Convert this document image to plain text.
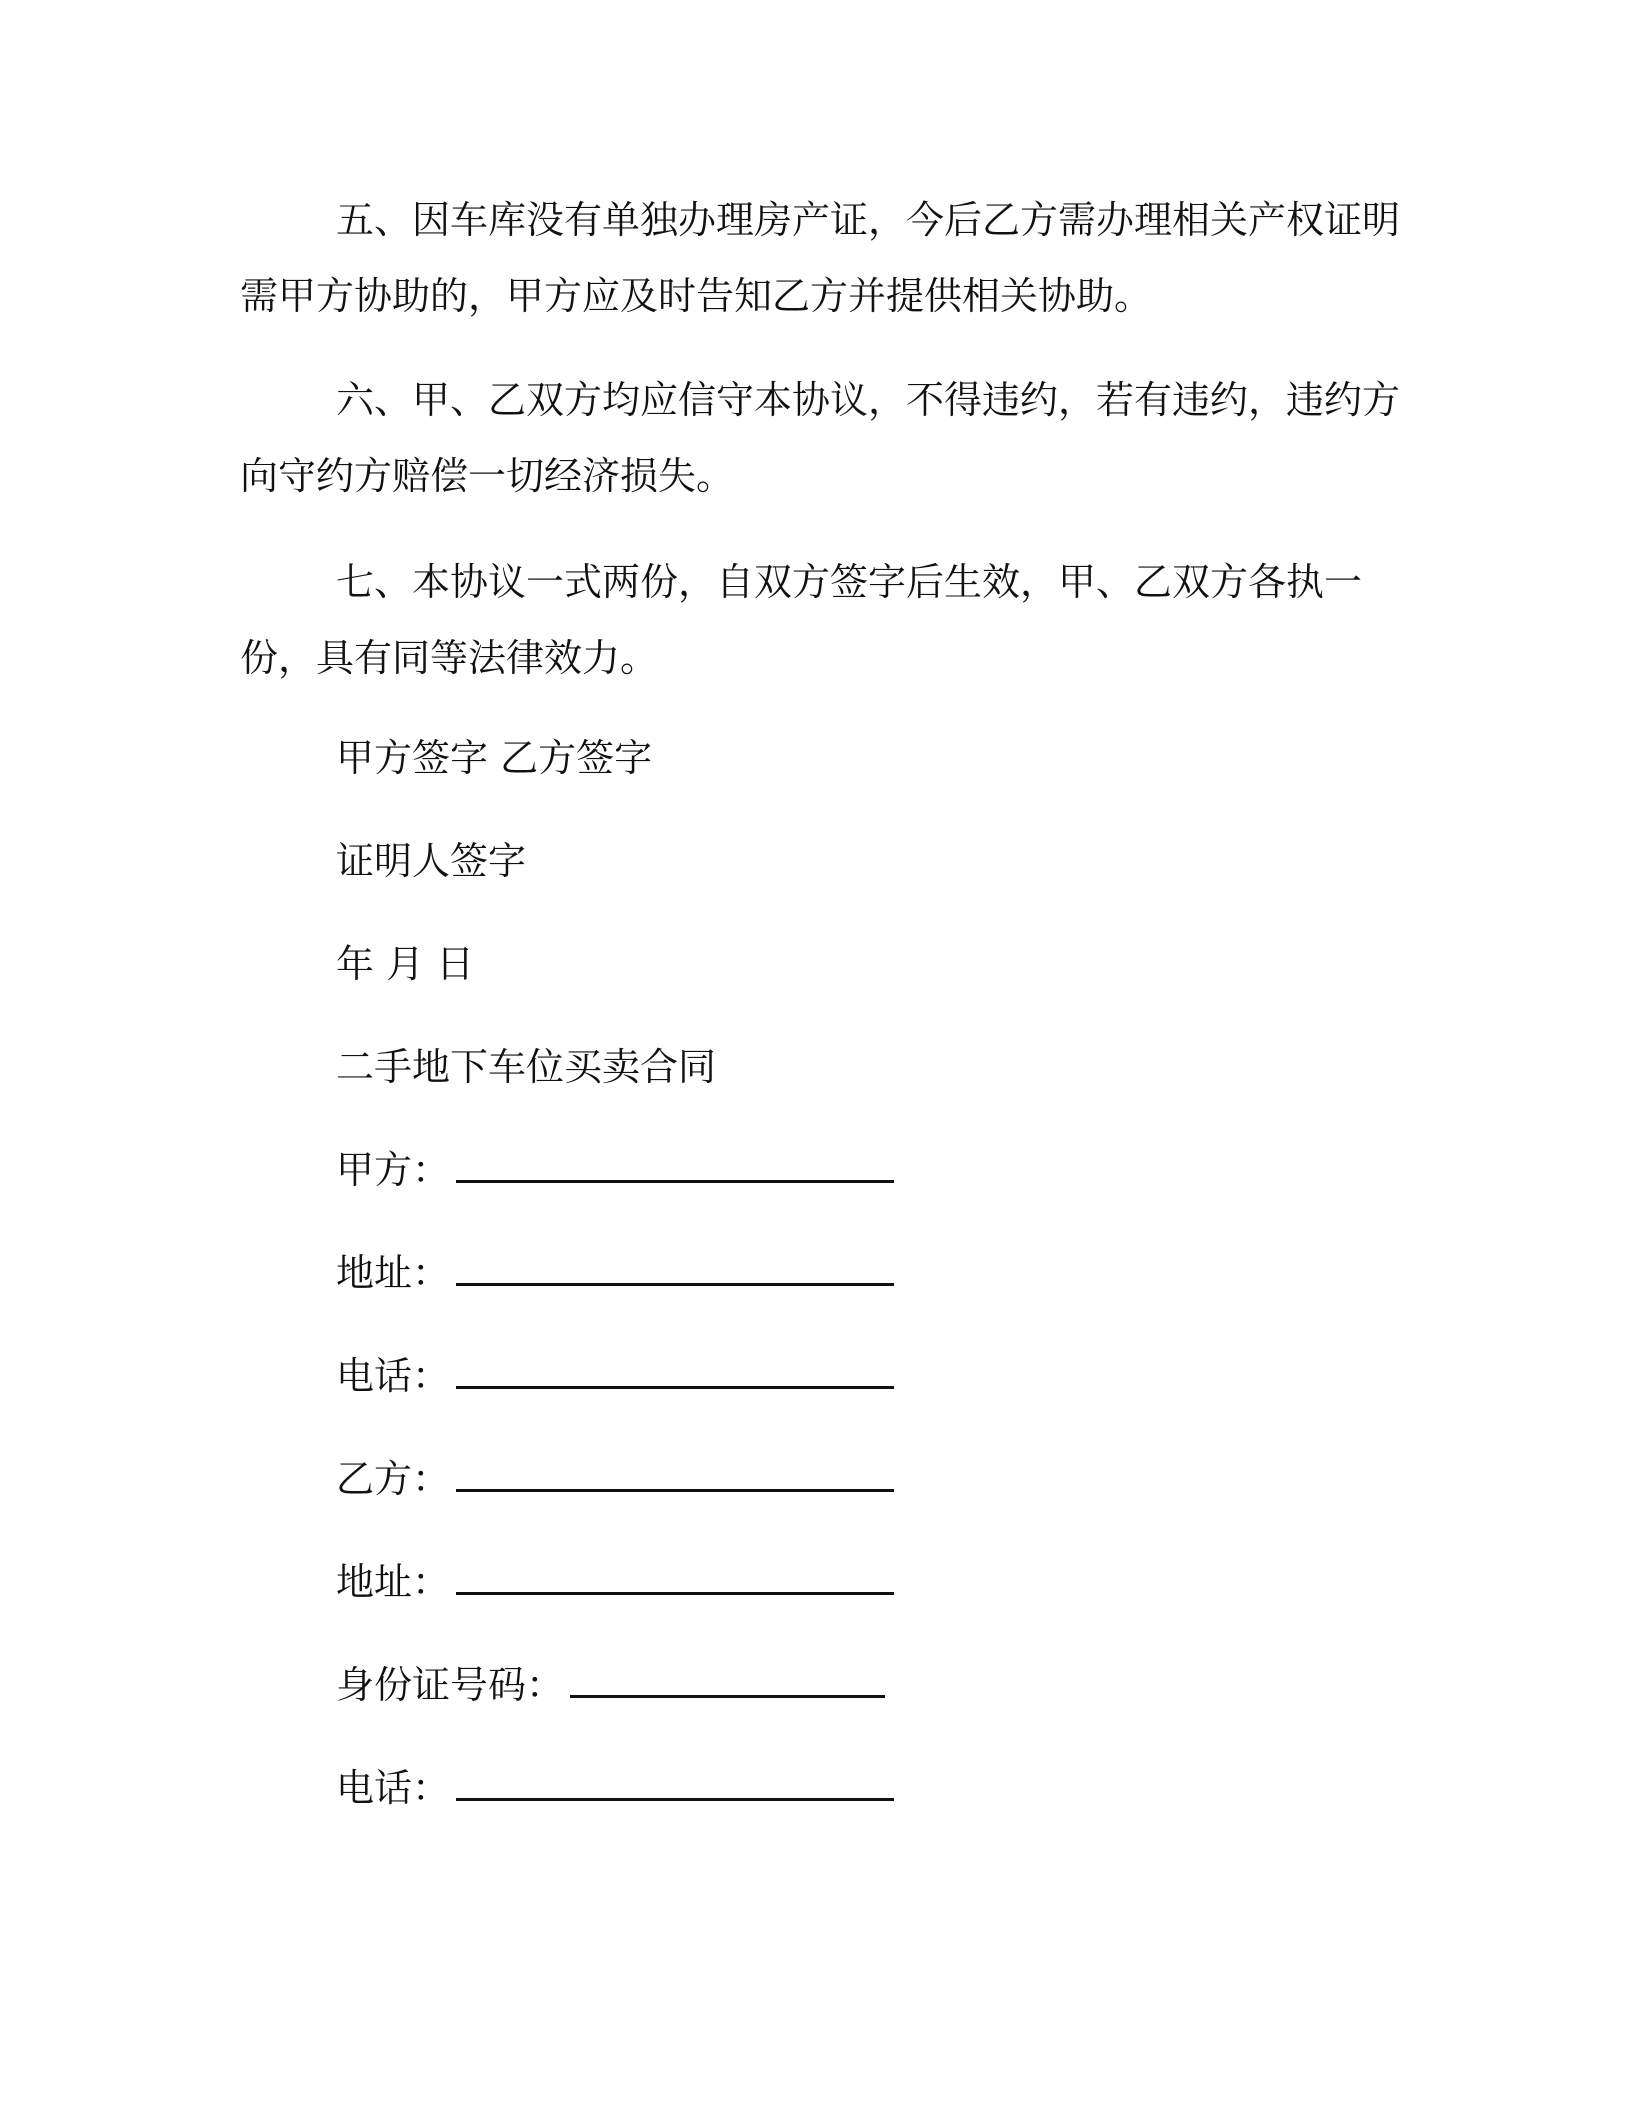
五、因车库没有单独办理房产证，今后乙方需办理相关产权证明需甲方协助的，甲方应及时告知乙方并提供相关协助。

六、甲、乙双方均应信守本协议，不得违约，若有违约，违约方向守约方赔偿一切经济损失。

七、本协议一式两份，自双方签字后生效，甲、乙双方各执一份，具有同等法律效力。

甲方签字 乙方签字

证明人签字

年 月 日

二手地下车位买卖合同

甲方：

地址：

电话：

乙方：

地址：

身份证号码：

电话：
